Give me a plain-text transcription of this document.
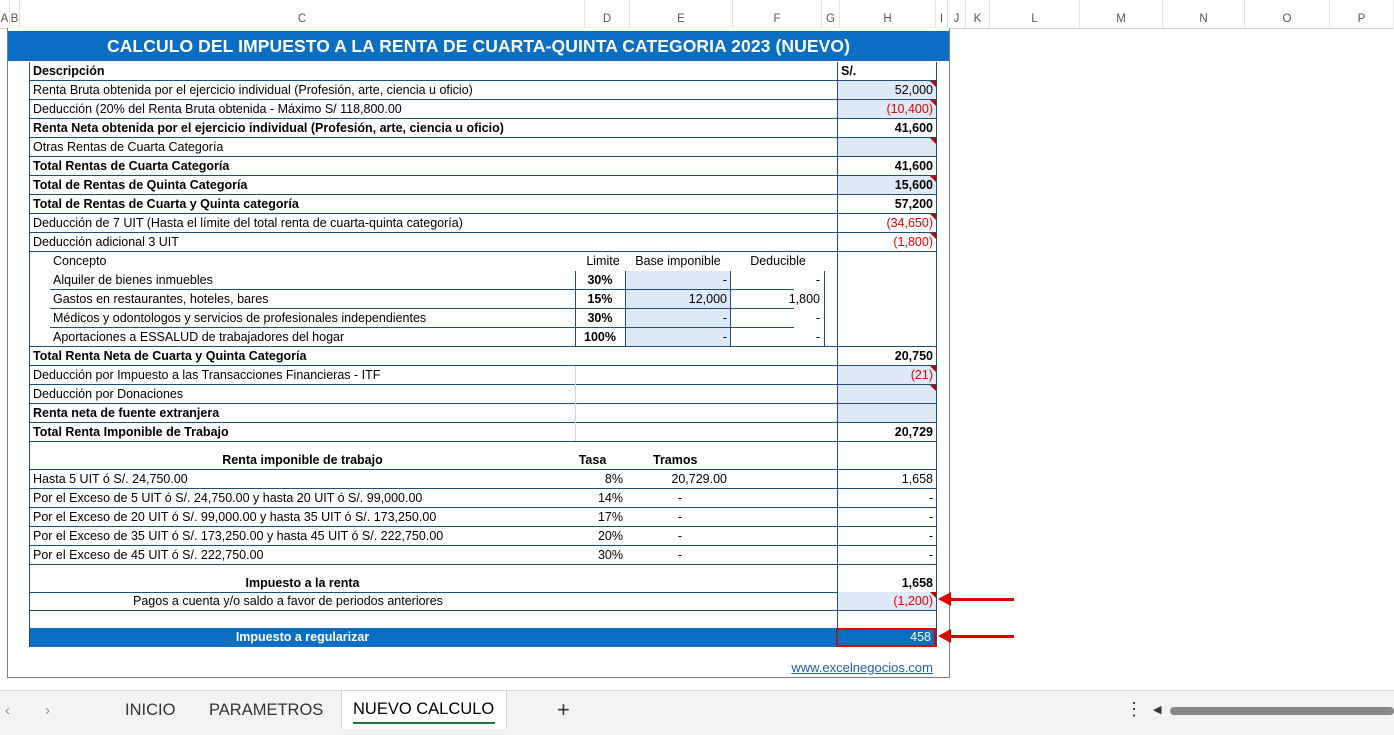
A B	C	D	E	F	G	H	I J	K	L	M	N	O	P
CALCULO DEL IMPUESTO A LA RENTA DE CUARTA-QUINTA CATEGORIA 2023 (NUEVO)
Descripción	S/.
Renta Bruta obtenida por el ejercicio individual (Profesión, arte, ciencia u oficio)	52,000
Deducción (20% del Renta Bruta obtenida - Máximo S/ 118,800.00	(10,400)
Renta Neta obtenida por el ejercicio individual (Profesión, arte, ciencia u oficio)	41,600
Otras Rentas de Cuarta Categoría
Total Rentas de Cuarta Categoría	41,600
Total de Rentas de Quinta Categoría	15,600
Total de Rentas de Cuarta y Quinta categoría	57,200
Deducción de 7 UIT (Hasta el límite del total renta de cuarta-quinta categoría)	(34,650)
Deducción adicional 3 UIT	(1,800)
Concepto	Limite	Base imponible	Deducible
Alquiler de bienes inmuebles	30%	-	-
Gastos en restaurantes, hoteles, bares	15%	12,000	1,800
Médicos y odontologos y servicios de profesionales independientes	30%	-	-
Aportaciones a ESSALUD de trabajadores del hogar	100%	-	-
Total Renta Neta de Cuarta y Quinta Categoría	20,750
Deducción por Impuesto a las Transacciones Financieras - ITF	(21)
Deducción por Donaciones
Renta neta de fuente extranjera
Total Renta Imponible de Trabajo	20,729
Renta imponible de trabajo	Tasa	Tramos
Hasta 5 UIT ó S/. 24,750.00	8%	20,729.00	1,658
Por el Exceso de 5 UIT ó S/. 24,750.00 y hasta 20 UIT ó S/. 99,000.00	14%	-	-
Por el Exceso de 20 UIT ó S/. 99,000.00 y hasta 35 UIT ó S/. 173,250.00	17%	-	-
Por el Exceso de 35 UIT ó S/. 173,250.00 y hasta 45 UIT ó S/. 222,750.00	20%	-	-
Por el Exceso de 45 UIT ó S/. 222,750.00	30%	-	-
Impuesto a la renta	1,658
Pagos a cuenta y/o saldo a favor de periodos anteriores	(1,200)
Impuesto a regularizar	458
www.excelnegocios.com
‹ ›	INICIO PARAMETROS NUEVO CALCULO	+	⋮ ◀
